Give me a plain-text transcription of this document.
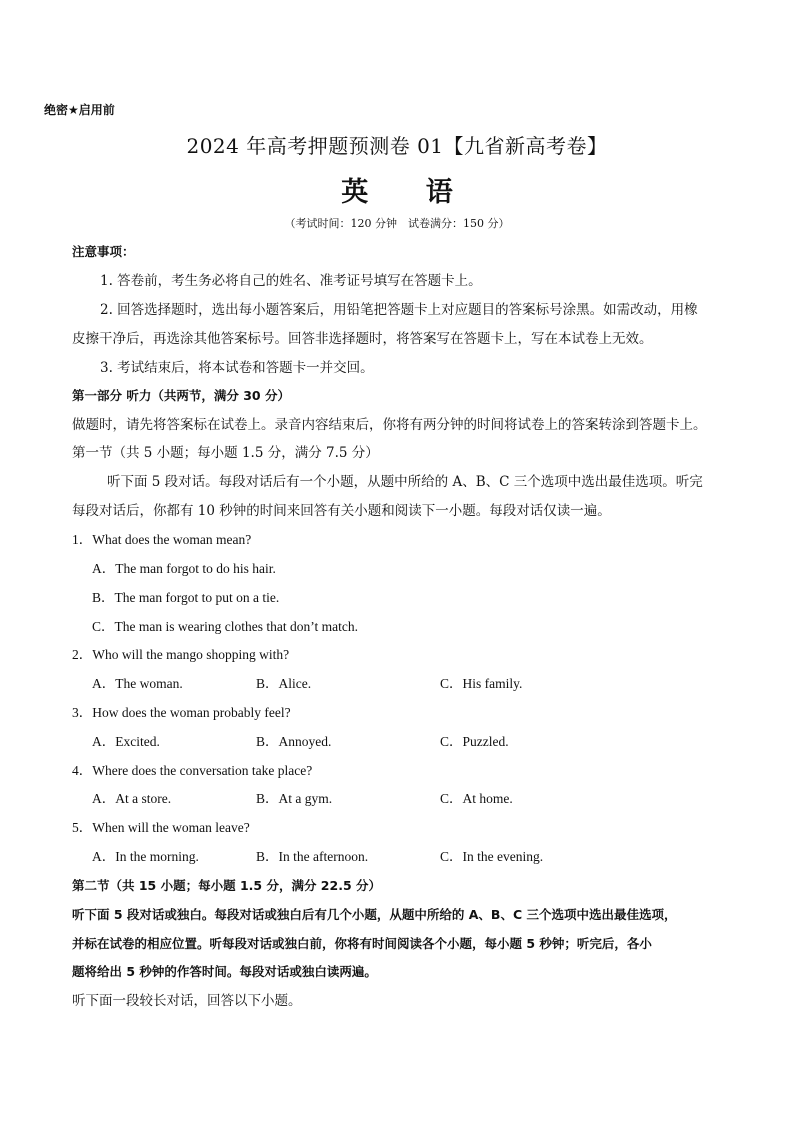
绝密★启用前
2024 年高考押题预测卷 01【九省新高考卷】
英 语
（考试时间：120 分钟　试卷满分：150 分）
注意事项：
1. 答卷前，考生务必将自己的姓名、准考证号填写在答题卡上。
2. 回答选择题时，选出每小题答案后，用铅笔把答题卡上对应题目的答案标号涂黑。如需改动，用橡
皮擦干净后，再选涂其他答案标号。回答非选择题时，将答案写在答题卡上，写在本试卷上无效。
3. 考试结束后，将本试卷和答题卡一并交回。
第一部分 听力（共两节，满分 30 分）
做题时，请先将答案标在试卷上。录音内容结束后，你将有两分钟的时间将试卷上的答案转涂到答题卡上。
第一节（共 5 小题；每小题 1.5 分，满分 7.5 分）
听下面 5 段对话。每段对话后有一个小题，从题中所给的 A、B、C 三个选项中选出最佳选项。听完
每段对话后，你都有 10 秒钟的时间来回答有关小题和阅读下一小题。每段对话仅读一遍。
1．What does the woman mean?
A．The man forgot to do his hair.
B．The man forgot to put on a tie.
C．The man is wearing clothes that don’t match.
2．Who will the mango shopping with?
A．The woman.	B．Alice.	C．His family.
3．How does the woman probably feel?
A．Excited.	B．Annoyed.	C．Puzzled.
4．Where does the conversation take place?
A．At a store.	B．At a gym.	C．At home.
5．When will the woman leave?
A．In the morning.	B．In the afternoon.	C．In the evening.
第二节（共 15 小题；每小题 1.5 分，满分 22.5 分）
听下面 5 段对话或独白。每段对话或独白后有几个小题，从题中所给的 A、B、C 三个选项中选出最佳选项，
并标在试卷的相应位置。听每段对话或独白前，你将有时间阅读各个小题，每小题 5 秒钟；听完后，各小
题将给出 5 秒钟的作答时间。每段对话或独白读两遍。
听下面一段较长对话，回答以下小题。
